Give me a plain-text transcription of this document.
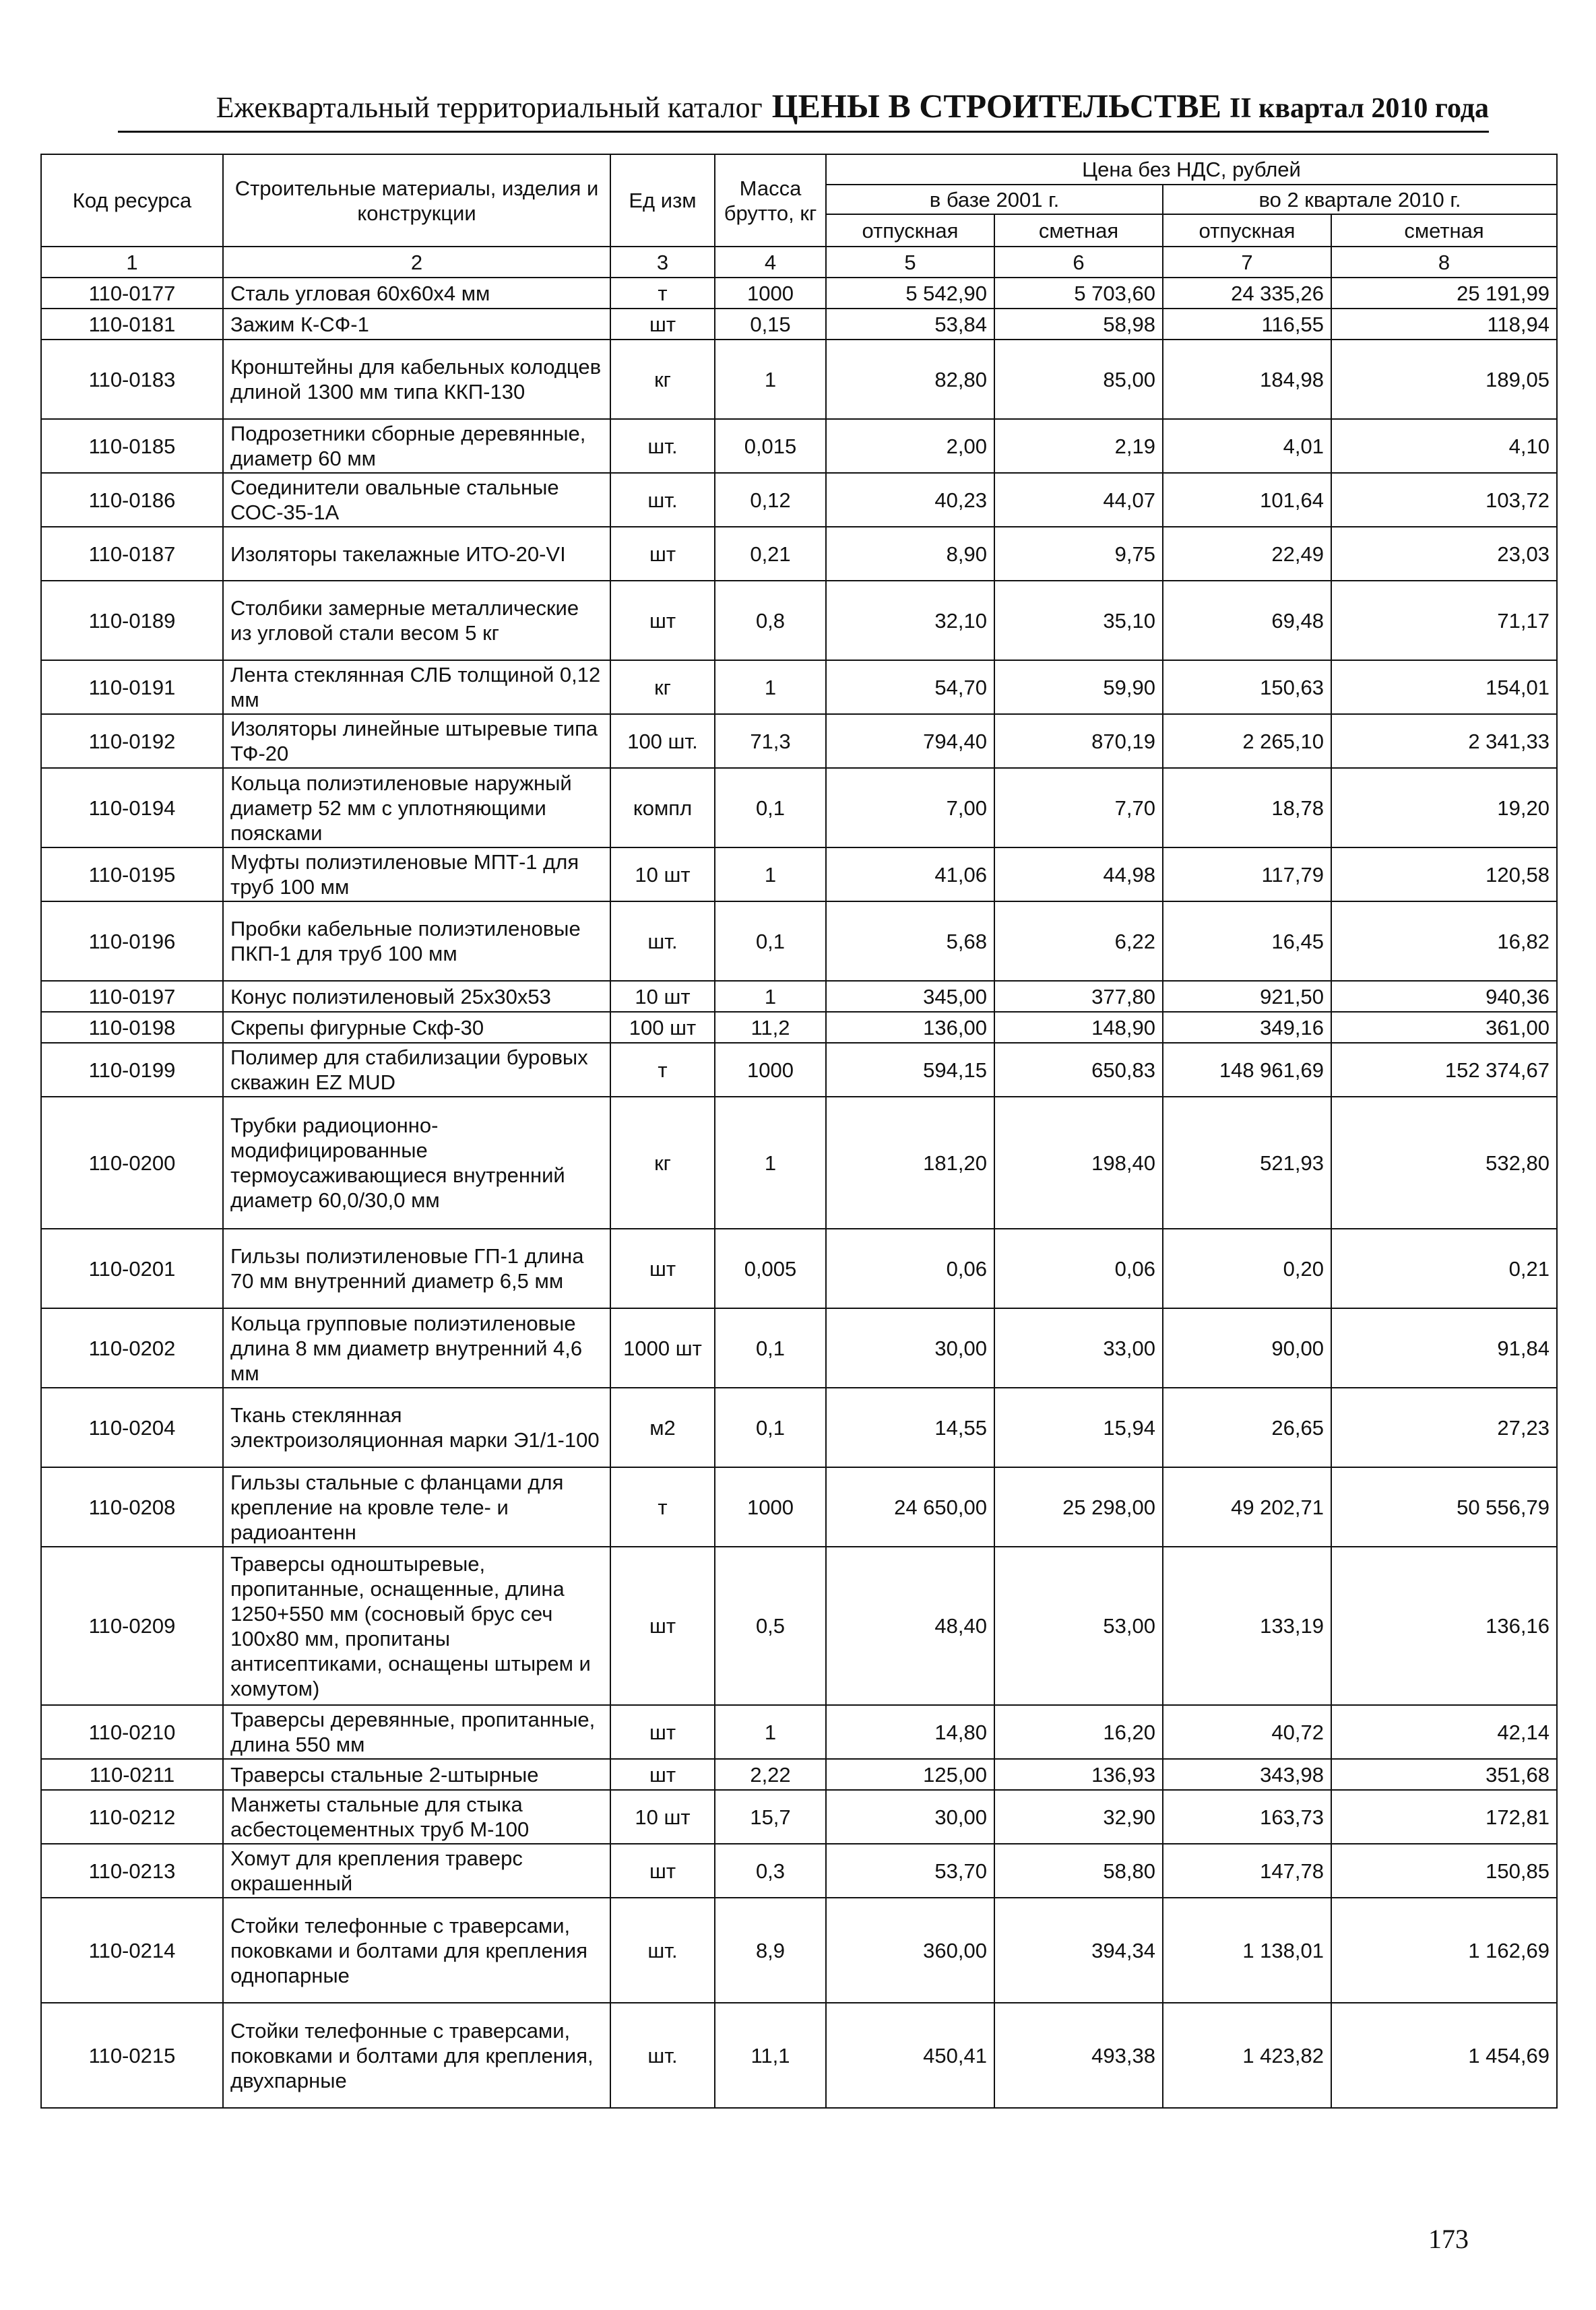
Ежеквартальный территориальный каталог ЦЕНЫ В СТРОИТЕЛЬСТВЕ II квартал 2010 года
Код ресурса	Строительные материалы, изделия и конструкции	Ед изм	Масса брутто, кг	Цена без НДС, рублей			
				в базе 2001 г.		во 2 квартале 2010 г.	
				отпускная	сметная	отпускная	сметная
1	2	3	4	5	6	7	8
110-0177	Сталь угловая 60х60х4 мм	т	1000	5 542,90	5 703,60	24 335,26	25 191,99
110-0181	Зажим К-СФ-1	шт	0,15	53,84	58,98	116,55	118,94
110-0183	Кронштейны для кабельных колодцев длиной 1300 мм типа ККП-130	кг	1	82,80	85,00	184,98	189,05
110-0185	Подрозетники сборные деревянные, диаметр 60 мм	шт.	0,015	2,00	2,19	4,01	4,10
110-0186	Соединители овальные стальные СОС-35-1А	шт.	0,12	40,23	44,07	101,64	103,72
110-0187	Изоляторы такелажные ИТО-20-VI	шт	0,21	8,90	9,75	22,49	23,03
110-0189	Столбики замерные металлические из угловой стали весом 5 кг	шт	0,8	32,10	35,10	69,48	71,17
110-0191	Лента стеклянная СЛБ толщиной 0,12 мм	кг	1	54,70	59,90	150,63	154,01
110-0192	Изоляторы линейные штыревые типа ТФ-20	100 шт.	71,3	794,40	870,19	2 265,10	2 341,33
110-0194	Кольца полиэтиленовые наружный диаметр 52 мм с уплотняющими поясками	компл	0,1	7,00	7,70	18,78	19,20
110-0195	Муфты полиэтиленовые МПТ-1 для труб 100 мм	10 шт	1	41,06	44,98	117,79	120,58
110-0196	Пробки кабельные полиэтиленовые ПКП-1 для труб 100 мм	шт.	0,1	5,68	6,22	16,45	16,82
110-0197	Конус полиэтиленовый 25х30х53	10 шт	1	345,00	377,80	921,50	940,36
110-0198	Скрепы фигурные Скф-30	100 шт	11,2	136,00	148,90	349,16	361,00
110-0199	Полимер для стабилизации буровых скважин EZ MUD	т	1000	594,15	650,83	148 961,69	152 374,67
110-0200	Трубки радиоционно-модифицированные термоусаживающиеся внутренний диаметр 60,0/30,0 мм	кг	1	181,20	198,40	521,93	532,80
110-0201	Гильзы полиэтиленовые ГП-1 длина 70 мм внутренний диаметр 6,5 мм	шт	0,005	0,06	0,06	0,20	0,21
110-0202	Кольца групповые полиэтиленовые длина 8 мм диаметр внутренний 4,6 мм	1000 шт	0,1	30,00	33,00	90,00	91,84
110-0204	Ткань стеклянная электроизоляционная марки Э1/1-100	м2	0,1	14,55	15,94	26,65	27,23
110-0208	Гильзы стальные с фланцами для крепление на кровле теле- и радиоантенн	т	1000	24 650,00	25 298,00	49 202,71	50 556,79
110-0209	Траверсы одноштыревые, пропитанные, оснащенные, длина 1250+550 мм (сосновый брус сеч 100х80 мм, пропитаны антисептиками, оснащены штырем и хомутом)	шт	0,5	48,40	53,00	133,19	136,16
110-0210	Траверсы деревянные, пропитанные, длина 550 мм	шт	1	14,80	16,20	40,72	42,14
110-0211	Траверсы стальные 2-штырные	шт	2,22	125,00	136,93	343,98	351,68
110-0212	Манжеты стальные для стыка асбестоцементных труб М-100	10 шт	15,7	30,00	32,90	163,73	172,81
110-0213	Хомут для крепления траверс окрашенный	шт	0,3	53,70	58,80	147,78	150,85
110-0214	Стойки телефонные с траверсами, поковками и болтами для крепления однопарные	шт.	8,9	360,00	394,34	1 138,01	1 162,69
110-0215	Стойки телефонные с траверсами, поковками и болтами для крепления, двухпарные	шт.	11,1	450,41	493,38	1 423,82	1 454,69
173
